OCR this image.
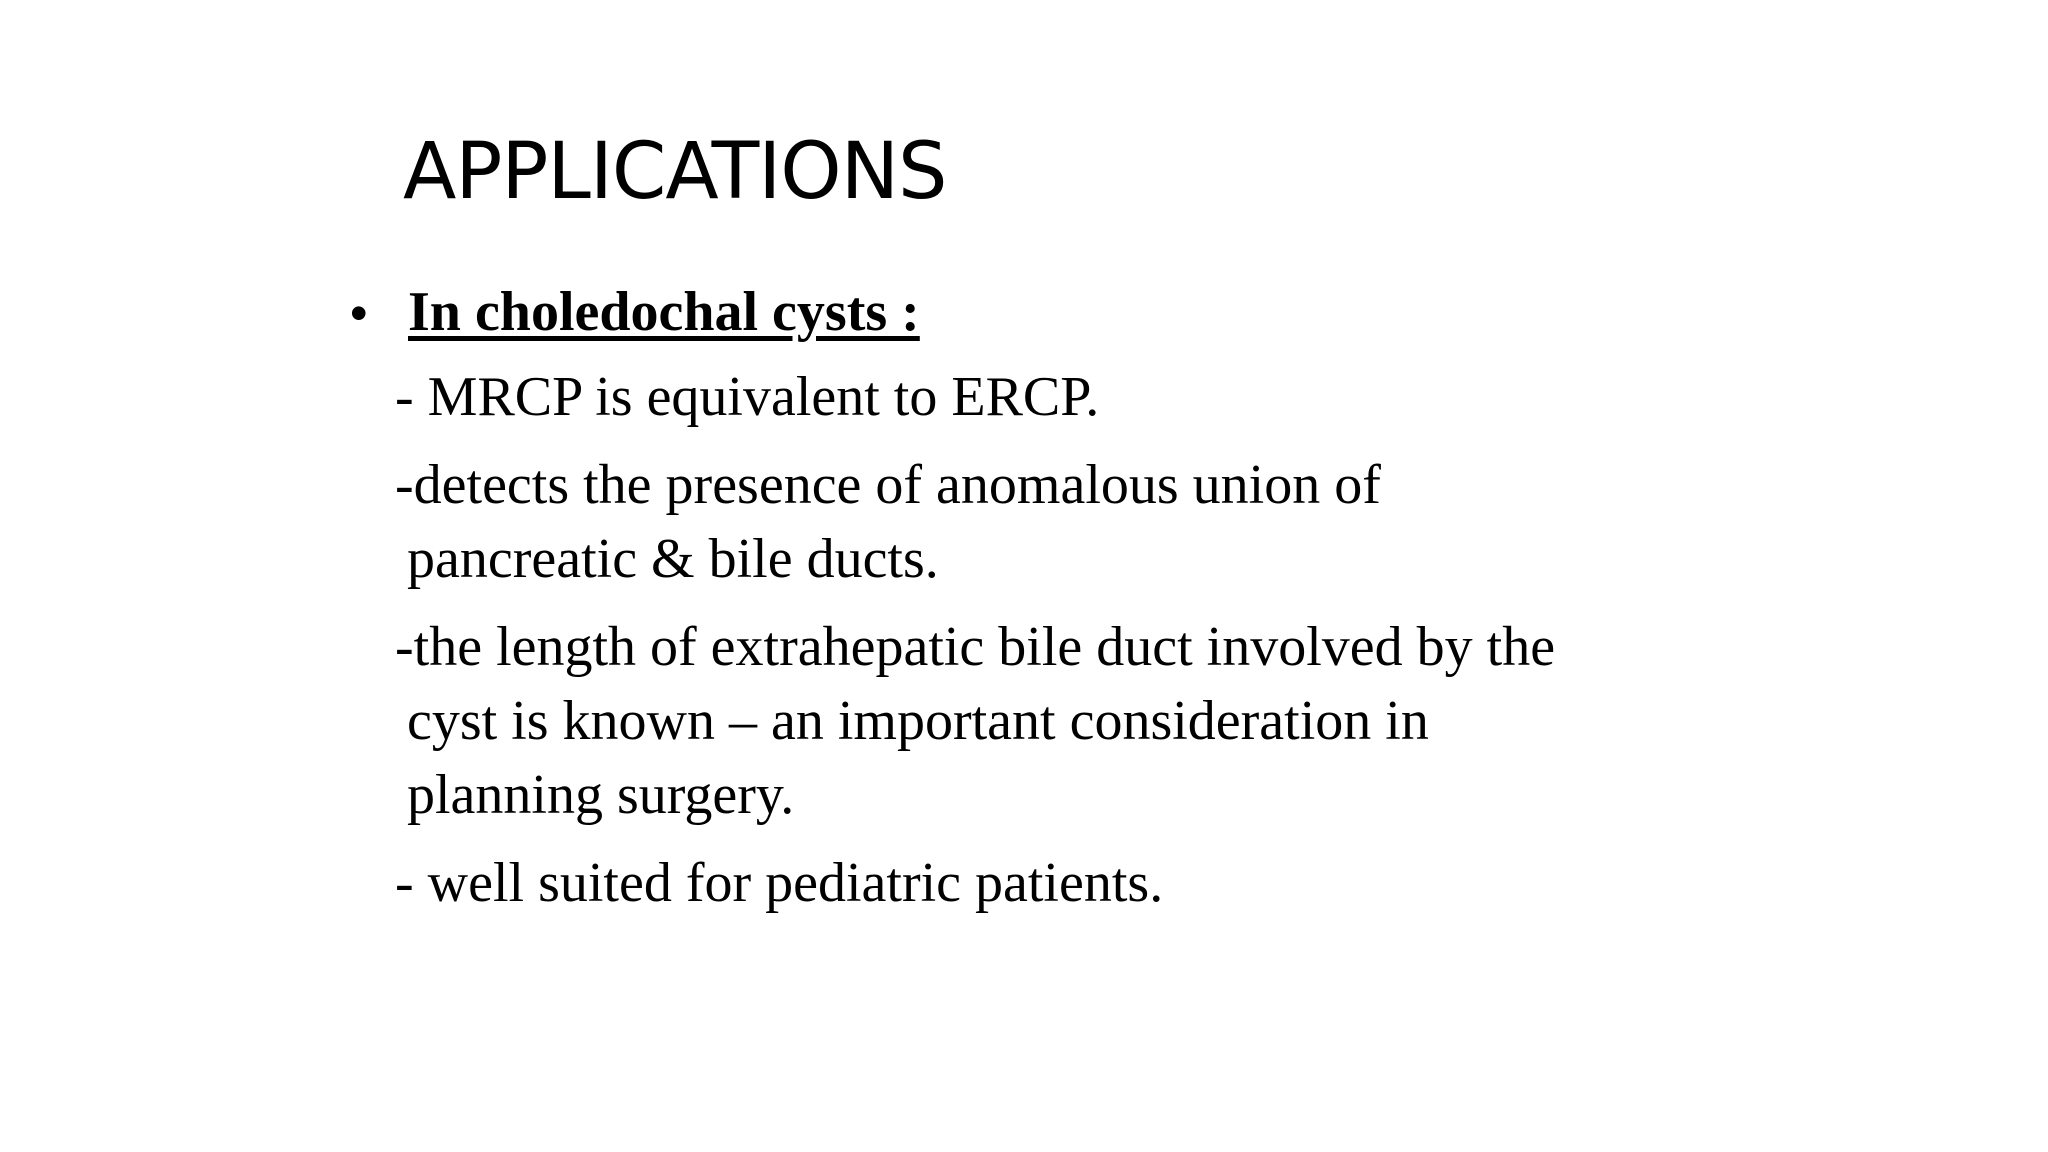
APPLICATIONS
• In choledochal cysts :
- MRCP is equivalent to ERCP.
-detects the presence of anomalous union of
pancreatic & bile ducts.
-the length of extrahepatic bile duct involved by the
cyst is known – an important consideration in
planning surgery.
- well suited for pediatric patients.
